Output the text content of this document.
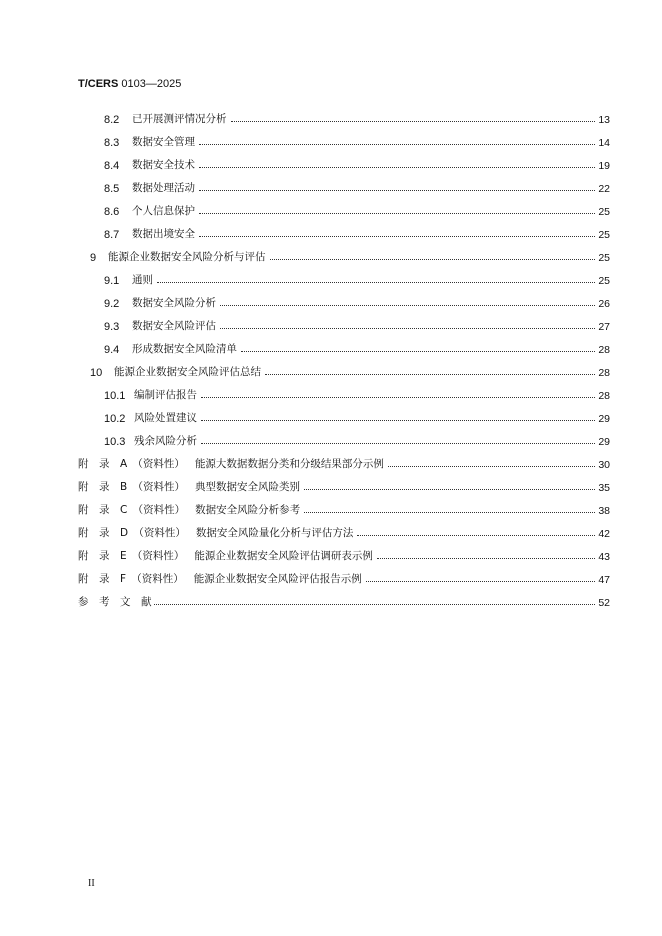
T/CERS 0103—2025
8.2	已开展测评情况分析	13
8.3	数据安全管理	14
8.4	数据安全技术	19
8.5	数据处理活动	22
8.6	个人信息保护	25
8.7	数据出境安全	25
9	能源企业数据安全风险分析与评估	25
9.1	通则	25
9.2	数据安全风险分析	26
9.3	数据安全风险评估	27
9.4	形成数据安全风险清单	28
10	能源企业数据安全风险评估总结	28
10.1 编制评估报告	28
10.2 风险处置建议	29
10.3 残余风险分析	29
附　录　A　（资料性） 能源大数据数据分类和分级结果部分示例	30
附　录　B　（资料性） 典型数据安全风险类别	35
附　录　C　（资料性） 数据安全风险分析参考	38
附　录　D　（资料性） 数据安全风险量化分析与评估方法	42
附　录　E　（资料性） 能源企业数据安全风险评估调研表示例	43
附　录　F　（资料性） 能源企业数据安全风险评估报告示例	47
参　考　文　献	52
II
